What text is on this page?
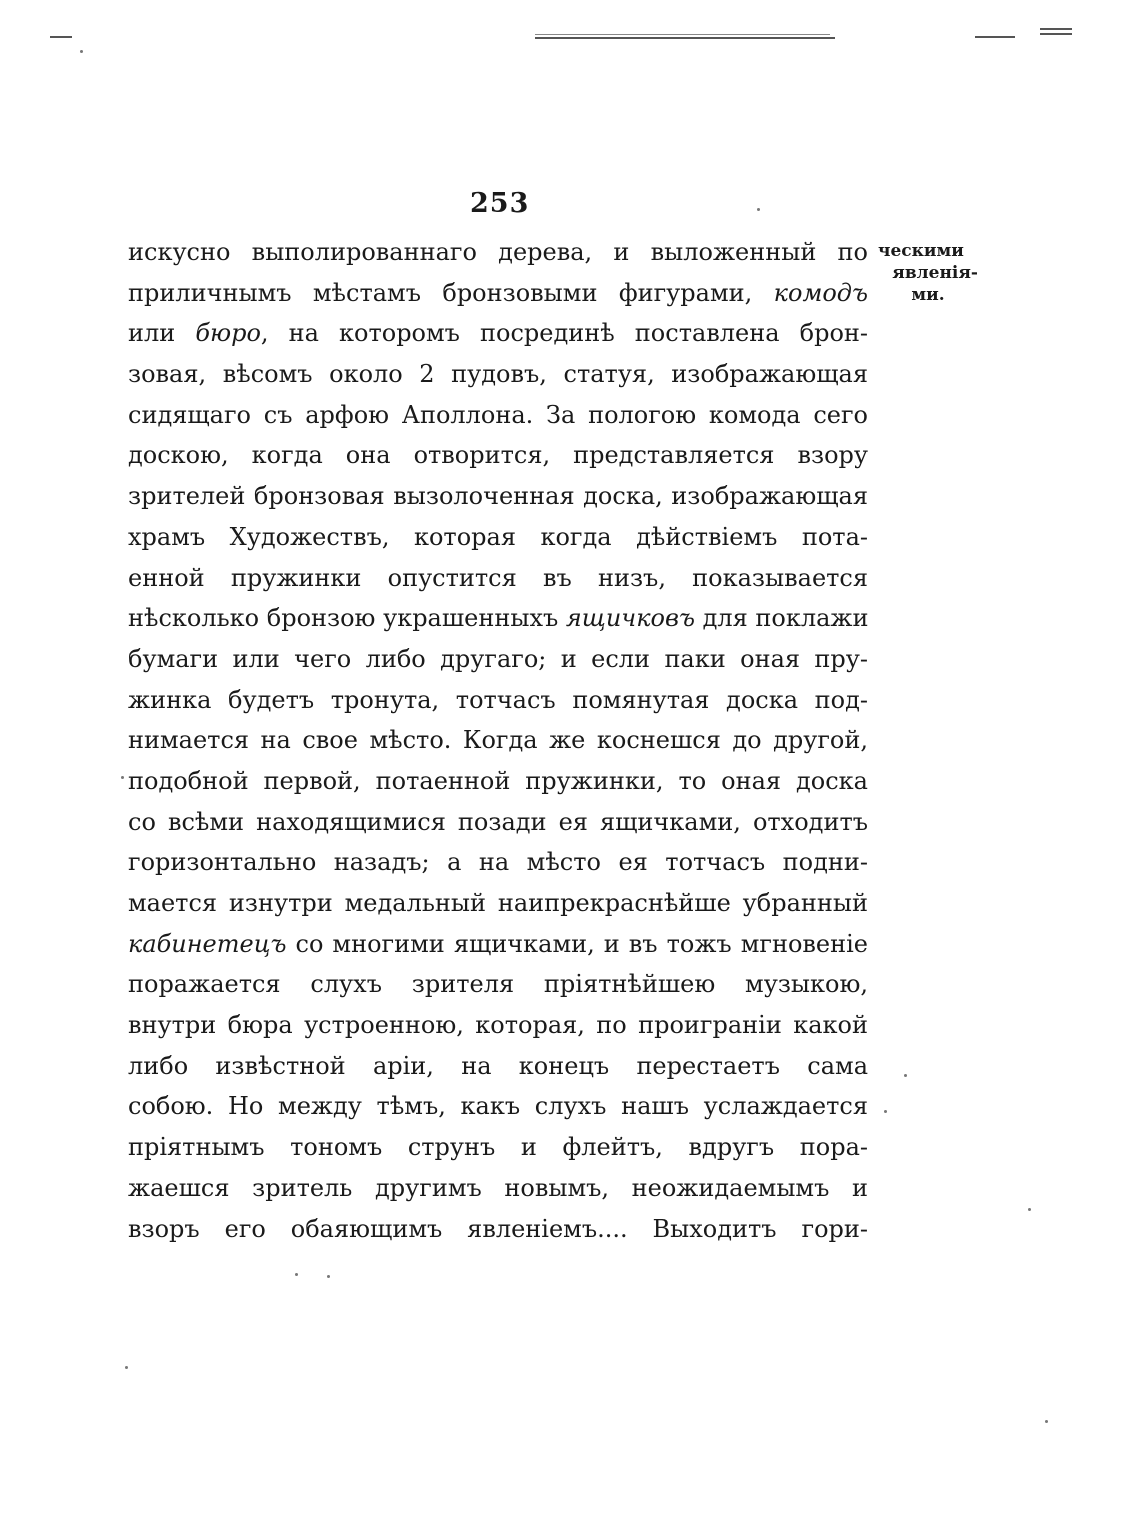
253
ческими
явленія-
ми.
искусно выполированнаго дерева, и выложенный по
приличнымъ мѣстамъ бронзовыми фигурами, комодъ
или бюро, на которомъ посрединѣ поставлена брон-
зовая, вѣсомъ около 2 пудовъ, статуя, изображающая
сидящаго съ арфою Аполлона. За пологою комода сего
доскою, когда она отворится, представляется взору
зрителей бронзовая вызолоченная доска, изображающая
храмъ Художествъ, которая когда дѣйствіемъ пота-
енной пружинки опустится въ низъ, показывается
нѣсколько бронзою украшенныхъ ящичковъ для поклажи
бумаги или чего либо другаго; и если паки оная пру-
жинка будетъ тронута, тотчасъ помянутая доска под-
нимается на свое мѣсто. Когда же коснешся до другой,
подобной первой, потаенной пружинки, то оная доска
со всѣми находящимися позади ея ящичками, отходитъ
горизонтально назадъ; а на мѣсто ея тотчасъ подни-
мается изнутри медальный наипрекраснѣйше убранный
кабинетецъ со многими ящичками, и въ тожъ мгновеніе
поражается слухъ зрителя пріятнѣйшею музыкою,
внутри бюра устроенною, которая, по проиграніи какой
либо извѣстной аріи, на конецъ перестаетъ сама
собою. Но между тѣмъ, какъ слухъ нашъ услаждается
пріятнымъ тономъ струнъ и флейтъ, вдругъ пора-
жаешся зритель другимъ новымъ, неожидаемымъ и
взоръ его обаяющимъ явленіемъ.... Выходитъ гори-
